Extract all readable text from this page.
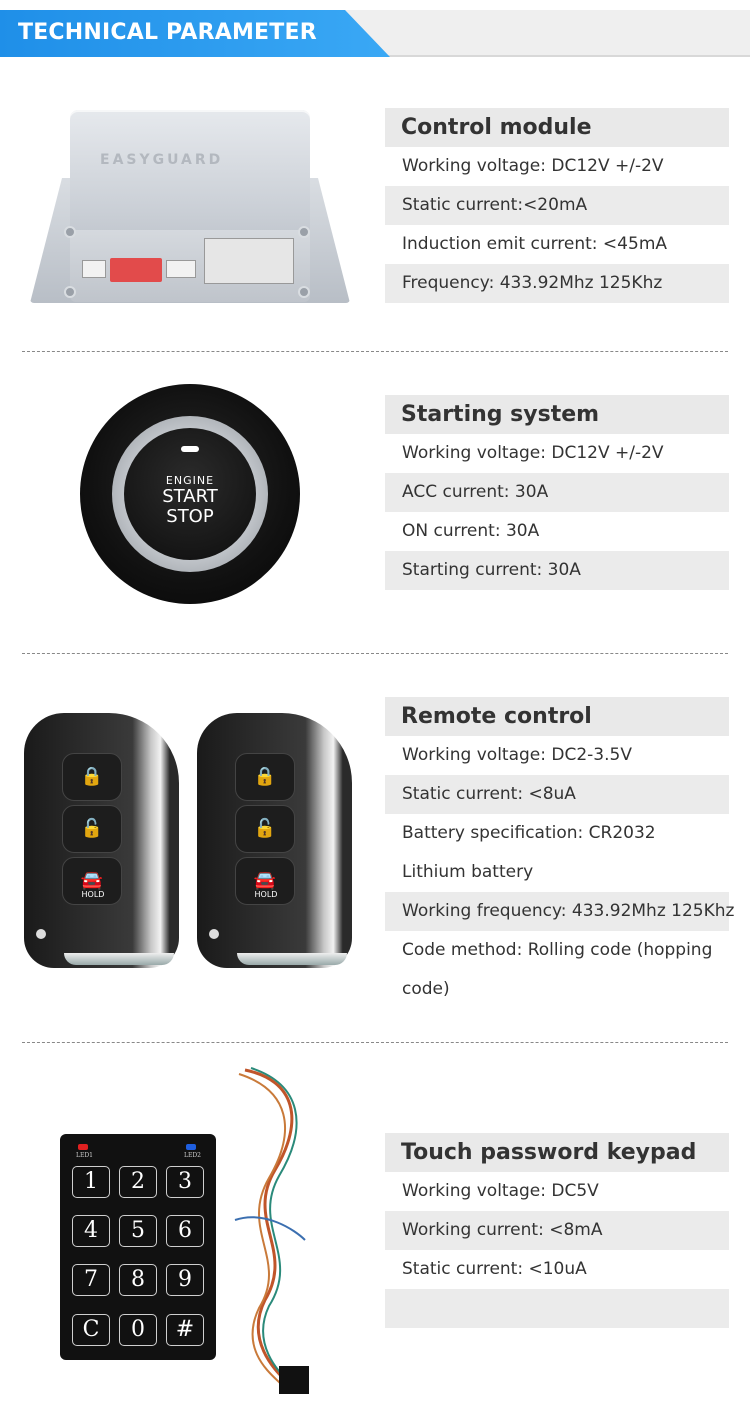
TECHNICAL PARAMETER
EASYGUARD
Control module
Working voltage: DC12V +/-2V
Static current:<20mA
Induction emit current: <45mA
Frequency: 433.92Mhz 125Khz
ENGINE
START
STOP
Starting system
Working voltage: DC12V +/-2V
ACC current: 30A
ON current: 30A
Starting current: 30A
🔒
🔓
🚘
HOLD
🔒
🔓
🚘
HOLD
Remote control
Working voltage: DC2-3.5V
Static current: <8uA
Battery specification: CR2032 Lithium battery
Working frequency: 433.92Mhz 125Khz
Code method: Rolling code (hopping code)
LED1	LED2
1	2	3
4	5	6
7	8	9
C	0	#
Touch password keypad
Working voltage: DC5V
Working current: <8mA
Static current: <10uA
